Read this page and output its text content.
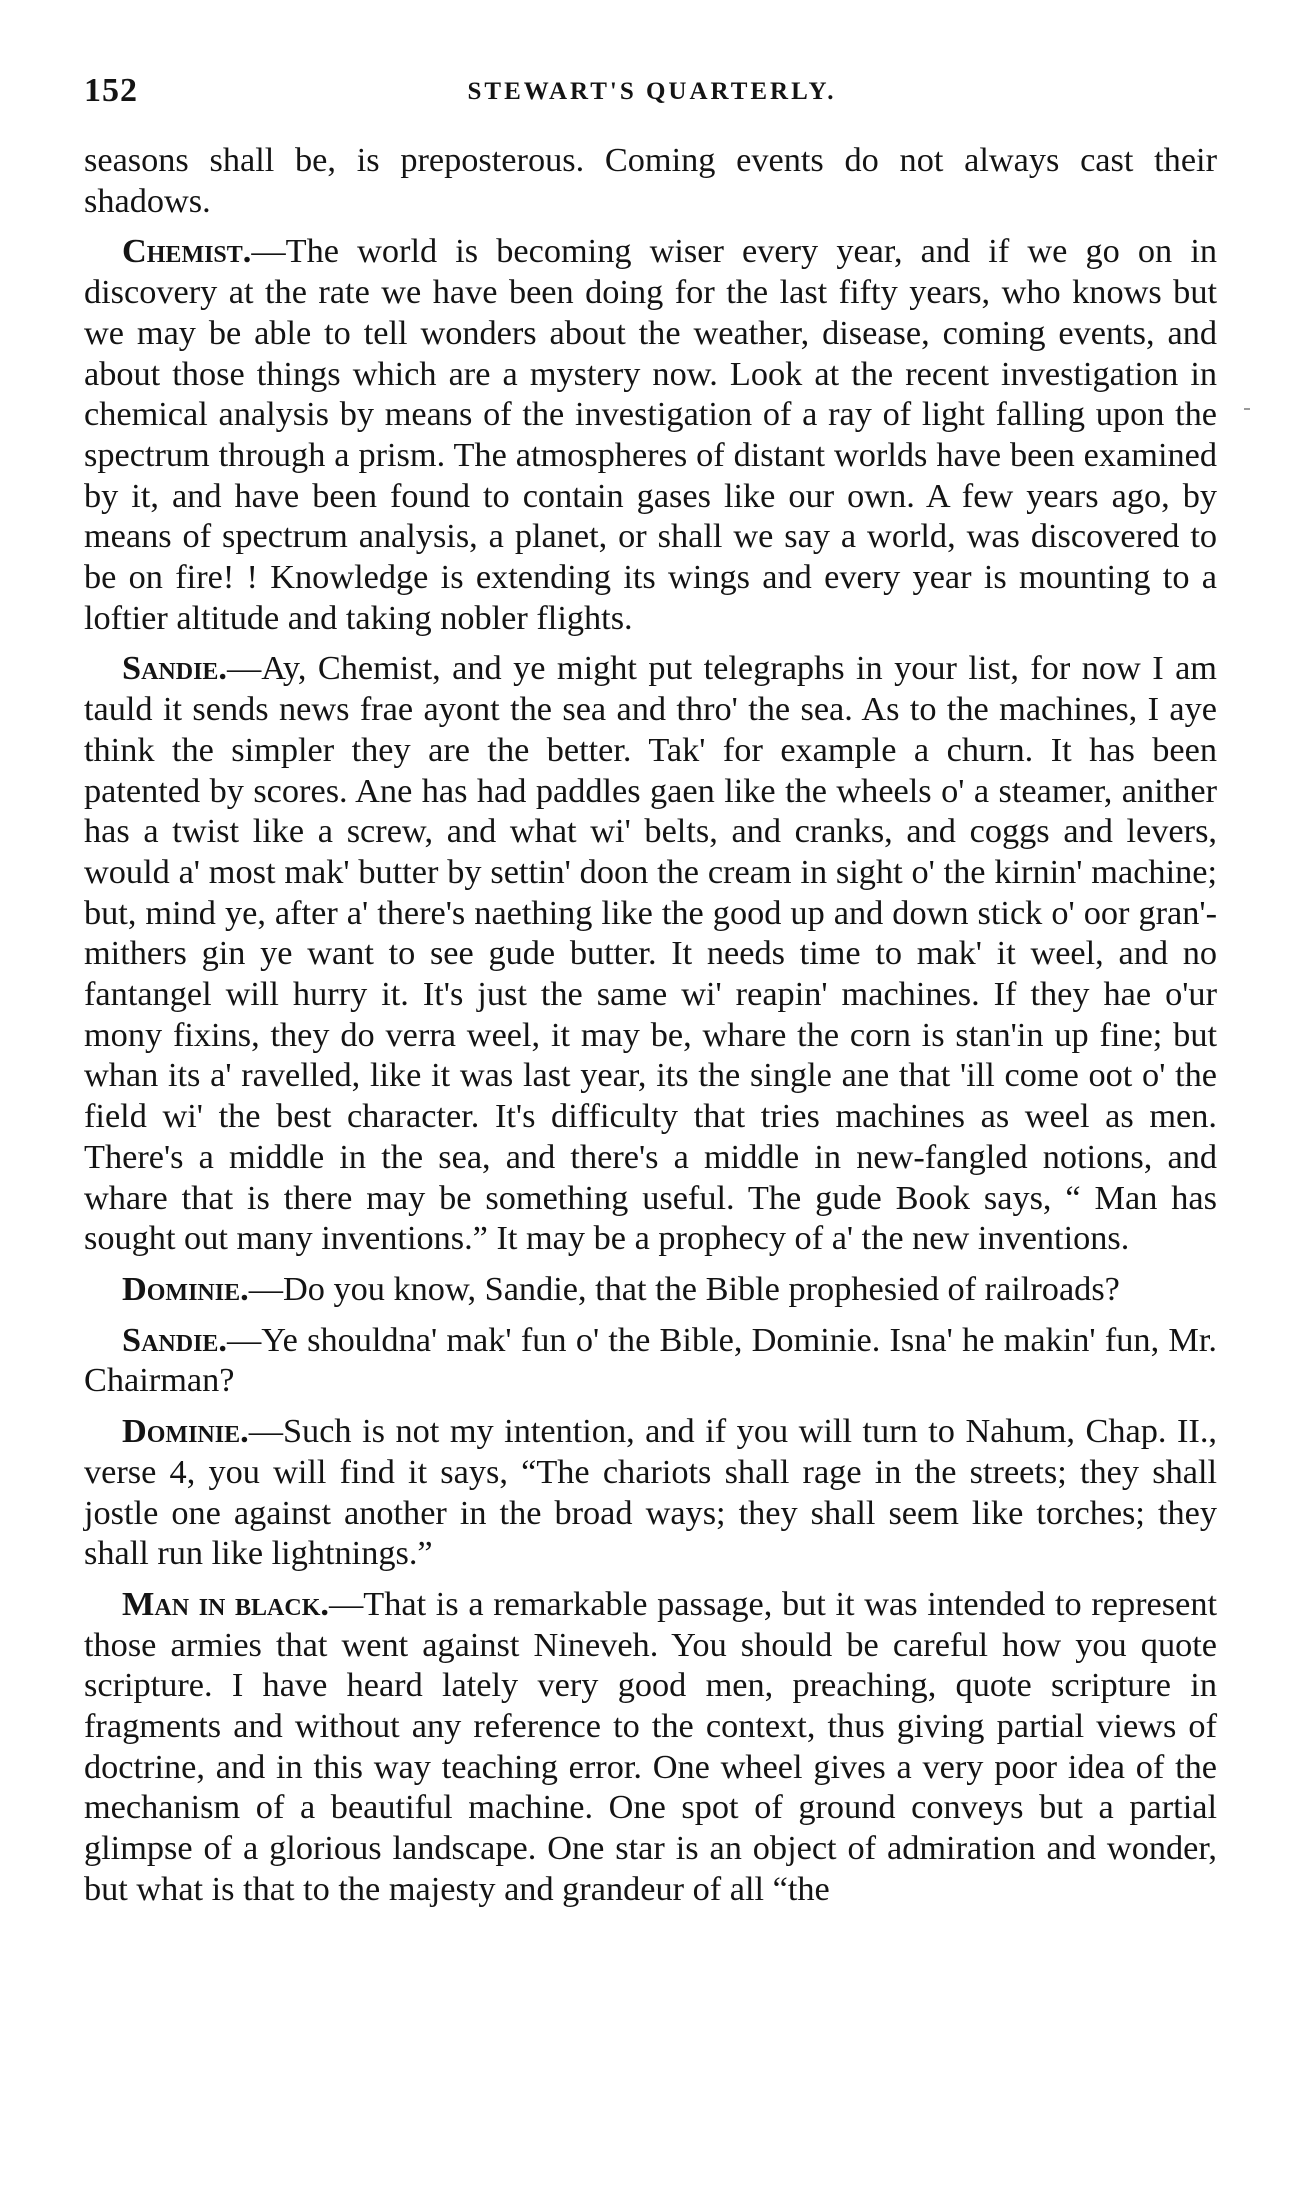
152	STEWART'S QUARTERLY.

seasons shall be, is preposterous. Coming events do not always cast their shadows.

Chemist.—The world is becoming wiser every year, and if we go on in discovery at the rate we have been doing for the last fifty years, who knows but we may be able to tell wonders about the weather, disease, coming events, and about those things which are a mystery now. Look at the recent investigation in chemical analysis by means of the investigation of a ray of light falling upon the spectrum through a prism. The atmospheres of distant worlds have been examined by it, and have been found to contain gases like our own. A few years ago, by means of spectrum analysis, a planet, or shall we say a world, was discovered to be on fire! ! Knowledge is extending its wings and every year is mounting to a loftier altitude and taking nobler flights.

Sandie.—Ay, Chemist, and ye might put telegraphs in your list, for now I am tauld it sends news frae ayont the sea and thro' the sea. As to the machines, I aye think the simpler they are the better. Tak' for example a churn. It has been patented by scores. Ane has had paddles gaen like the wheels o' a steamer, anither has a twist like a screw, and what wi' belts, and cranks, and coggs and levers, would a' most mak' butter by settin' doon the cream in sight o' the kirnin' machine; but, mind ye, after a' there's naething like the good up and down stick o' oor gran'-mithers gin ye want to see gude butter. It needs time to mak' it weel, and no fantangel will hurry it. It's just the same wi' reapin' machines. If they hae o'ur mony fixins, they do verra weel, it may be, whare the corn is stan'in up fine; but whan its a' ravelled, like it was last year, its the single ane that 'ill come oot o' the field wi' the best character. It's difficulty that tries machines as weel as men. There's a middle in the sea, and there's a middle in new-fangled notions, and whare that is there may be something useful. The gude Book says, “ Man has sought out many inventions.” It may be a prophecy of a' the new inventions.

Dominie.—Do you know, Sandie, that the Bible prophesied of railroads?

Sandie.—Ye shouldna' mak' fun o' the Bible, Dominie. Isna' he makin' fun, Mr. Chairman?

Dominie.—Such is not my intention, and if you will turn to Nahum, Chap. II., verse 4, you will find it says, “The chariots shall rage in the streets; they shall jostle one against another in the broad ways; they shall seem like torches; they shall run like lightnings.”

Man in black.—That is a remarkable passage, but it was intended to represent those armies that went against Nineveh. You should be careful how you quote scripture. I have heard lately very good men, preaching, quote scripture in fragments and without any reference to the context, thus giving partial views of doctrine, and in this way teaching error. One wheel gives a very poor idea of the mechanism of a beautiful machine. One spot of ground conveys but a partial glimpse of a glorious landscape. One star is an object of admiration and wonder, but what is that to the majesty and grandeur of all “the
